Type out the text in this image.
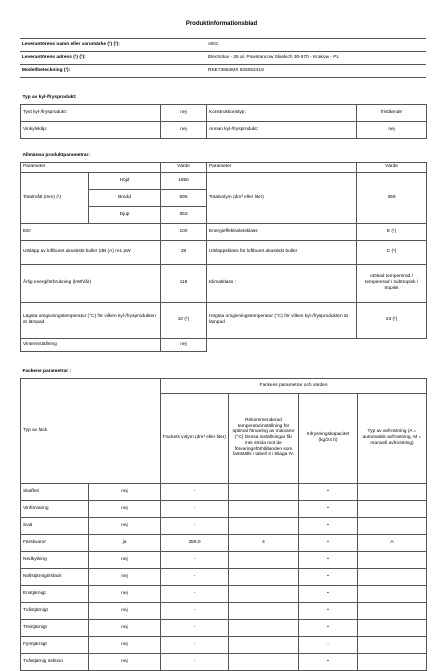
Produktinformationsblad
Leverantörens namn eller varumärke (¹) (²):	AEG
Leverantörens adress (¹) (²):	Electrolux - 26 al. Powstancow Slaskich 30-570 - Krakow - PL
Modellbeteckning (¹):	RKE73664MX 925052419
Typ av kyl-/frysprodukt:			
Tyst kyl-/frysprodukt:	nej	Konstruktionstyp:	fristående
Vinkylskåp:	nej	Annan kyl-/frysprodukt:	nej
Allmänna produktparametrar:				
Parameter		Värde	Parameter	Värde
Totalmått (mm) (¹)	Höjd	1850	Totalvolym (dm³ eller liter)	359
	Bredd	595		
	Djup	653		
EEI		100	Energieffektivitetsklass	E (¹)
Utsläpp av luftburet akustiskt buller (dB (A) re1 pW		39	Utsläppsklass för luftburet akustiskt buller	C (¹)
Årlig energiförbrukning (kWh/år)		118	Klimatklass :	utökad tempererad / tempererad / subtropisk / tropisk
Lägsta omgivningstemperatur (°C) för vilken kyl-/frysprodukten är lämpad		10 (¹)	Högsta omgivningstemperatur (°C) för vilken kyl-/frysprodukten är lämpad	43 (¹)
Vinterinställning		nej		
Fackens parametrar :					
Typ av fack		Fackens parametrar och värden			
		Fackets volym (dm³ eller liter)	Rekommenderad temperaturinställning för optimal förvaring av matvaror (°C) Dessa inställningar får inte strida mot de förvaringsförhållanden som fastställs i tabell 3 i bilaga IV.	Infrysningskapacitet (kg/24 h)	Typ av avfrostning (A = automatisk avfrostning, M = manuell avfrostning)
Skafferi	nej	-		•	
Vinförvaring	nej	-		•	
Sval	nej	-		•	
Färskvaror	ja	359,0	4	•	A
Nedkylning	nej	-		•	
Nollstjärnigt/isfack	nej	-		•	
Enstjärnigt	nej	-		•	
Tvåstjärnigt	nej	-		•	
Trestjärnigt	nej	-		•	
Fyrstjärnigt	nej	-		-	
Tvåstjärnig sektion	nej	-		•	
